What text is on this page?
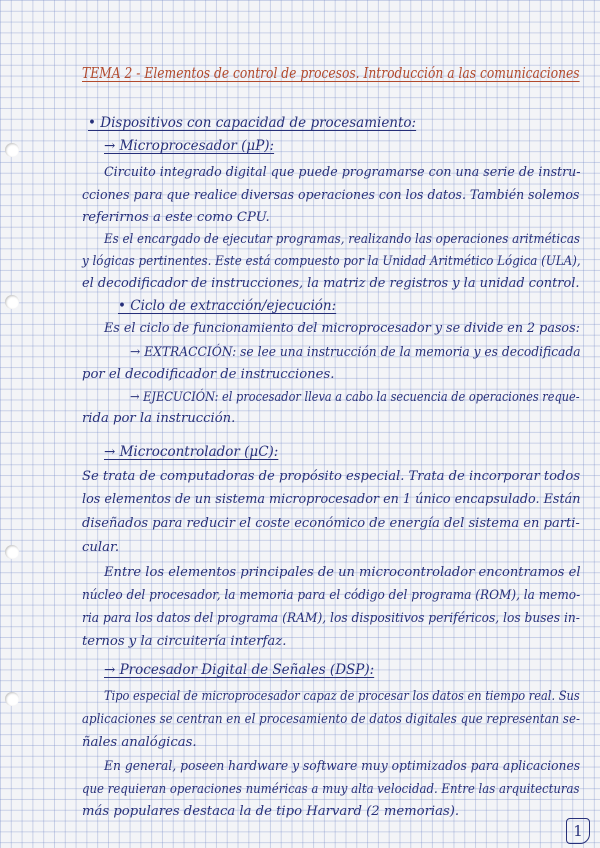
TEMA 2 - Elementos de control de procesos. Introducción a las comunicaciones
• Dispositivos con capacidad de procesamiento:
→ Microprocesador (μP):
Circuito integrado digital que puede programarse con una serie de instru-
cciones para que realice diversas operaciones con los datos. También solemos
referirnos a este como CPU.
Es el encargado de ejecutar programas, realizando las operaciones aritméticas
y lógicas pertinentes. Este está compuesto por la Unidad Aritmético Lógica (ULA),
el decodificador de instrucciones, la matriz de registros y la unidad control.
• Ciclo de extracción/ejecución:
Es el ciclo de funcionamiento del microprocesador y se divide en 2 pasos:
→ EXTRACCIÓN: se lee una instrucción de la memoria y es decodificada
por el decodificador de instrucciones.
→ EJECUCIÓN: el procesador lleva a cabo la secuencia de operaciones reque-
rida por la instrucción.
→ Microcontrolador (μC):
Se trata de computadoras de propósito especial. Trata de incorporar todos
los elementos de un sistema microprocesador en 1 único encapsulado. Están
diseñados para reducir el coste económico de energía del sistema en parti-
cular.
Entre los elementos principales de un microcontrolador encontramos el
núcleo del procesador, la memoria para el código del programa (ROM), la memo-
ria para los datos del programa (RAM), los dispositivos periféricos, los buses in-
ternos y la circuitería interfaz.
→ Procesador Digital de Señales (DSP):
Tipo especial de microprocesador capaz de procesar los datos en tiempo real. Sus
aplicaciones se centran en el procesamiento de datos digitales que representan se-
ñales analógicas.
En general, poseen hardware y software muy optimizados para aplicaciones
que requieran operaciones numéricas a muy alta velocidad. Entre las arquitecturas
más populares destaca la de tipo Harvard (2 memorias).
1
